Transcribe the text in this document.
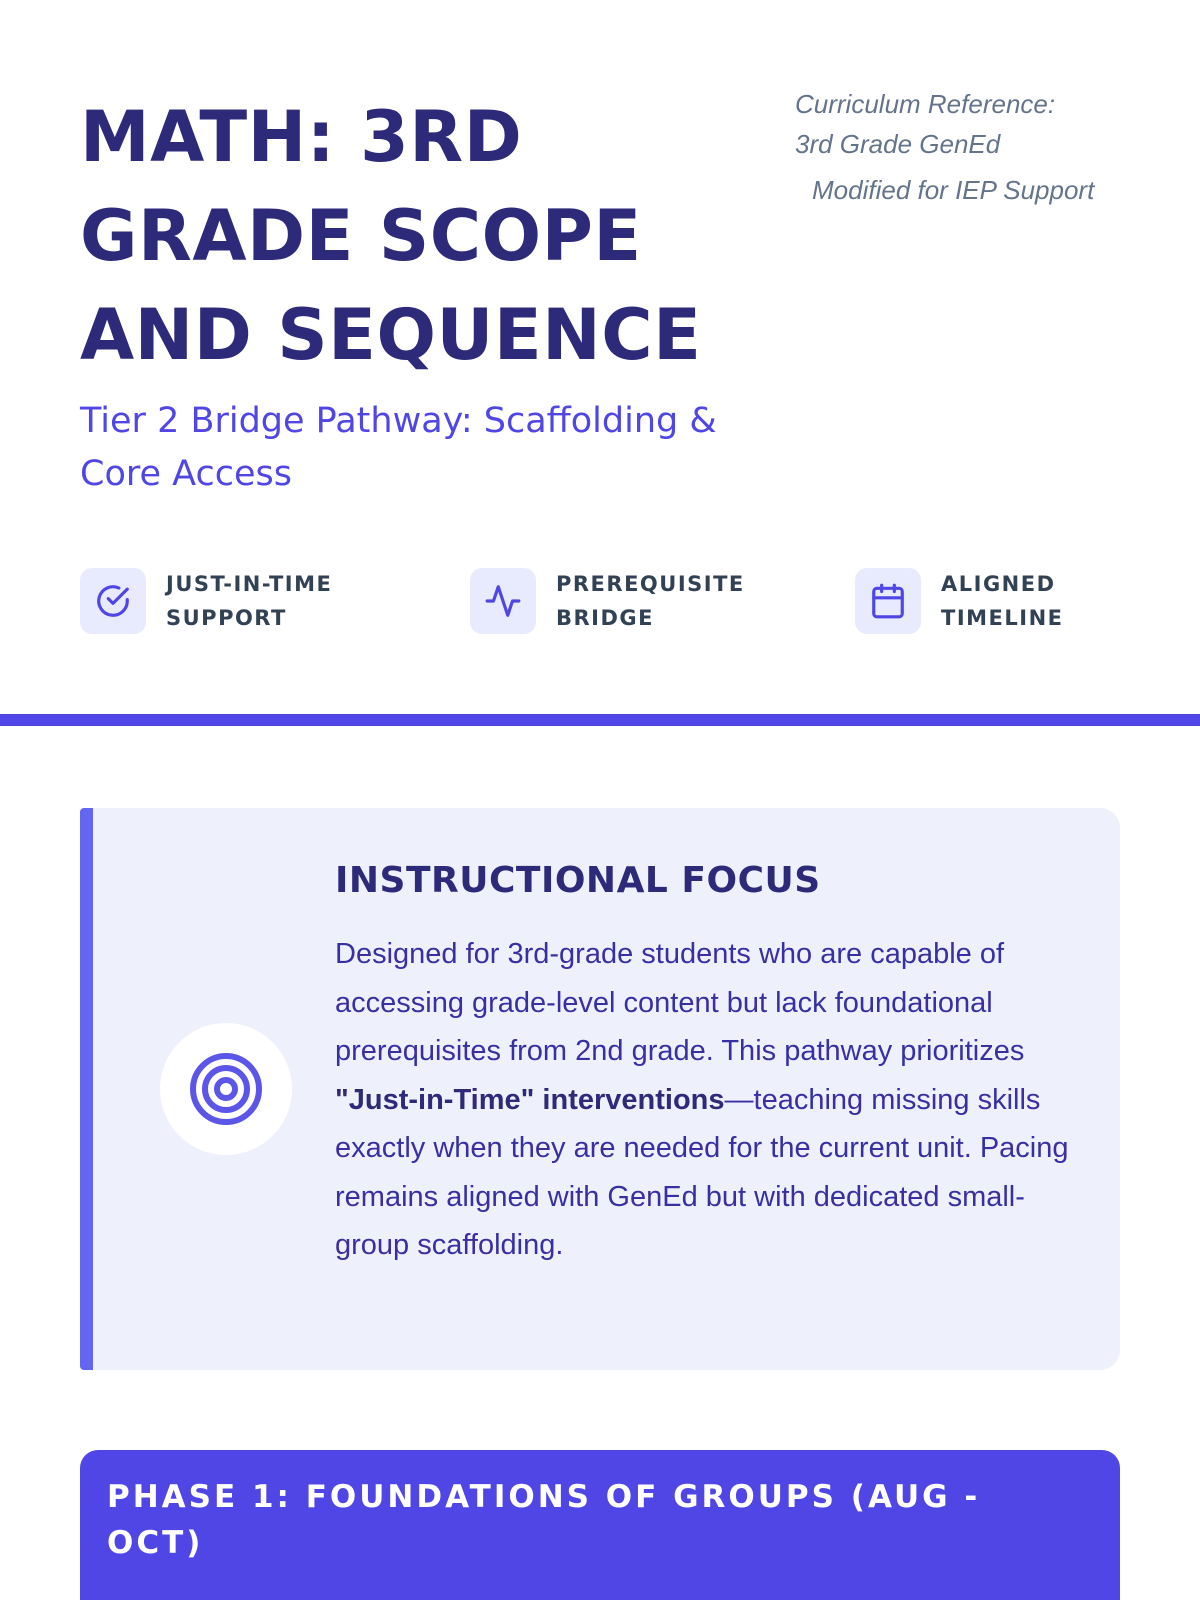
MATH: 3RD GRADE SCOPE AND SEQUENCE
Tier 2 Bridge Pathway: Scaffolding & Core Access
Curriculum Reference:
3rd Grade GenEd
Modified for IEP Support
JUST-IN-TIME SUPPORT
PREREQUISITE BRIDGE
ALIGNED TIMELINE
INSTRUCTIONAL FOCUS

Designed for 3rd-grade students who are capable of accessing grade-level content but lack foundational prerequisites from 2nd grade. This pathway prioritizes "Just-in-Time" interventions—teaching missing skills exactly when they are needed for the current unit. Pacing remains aligned with GenEd but with dedicated small-group scaffolding.

PHASE 1: FOUNDATIONS OF GROUPS (AUG - OCT)
